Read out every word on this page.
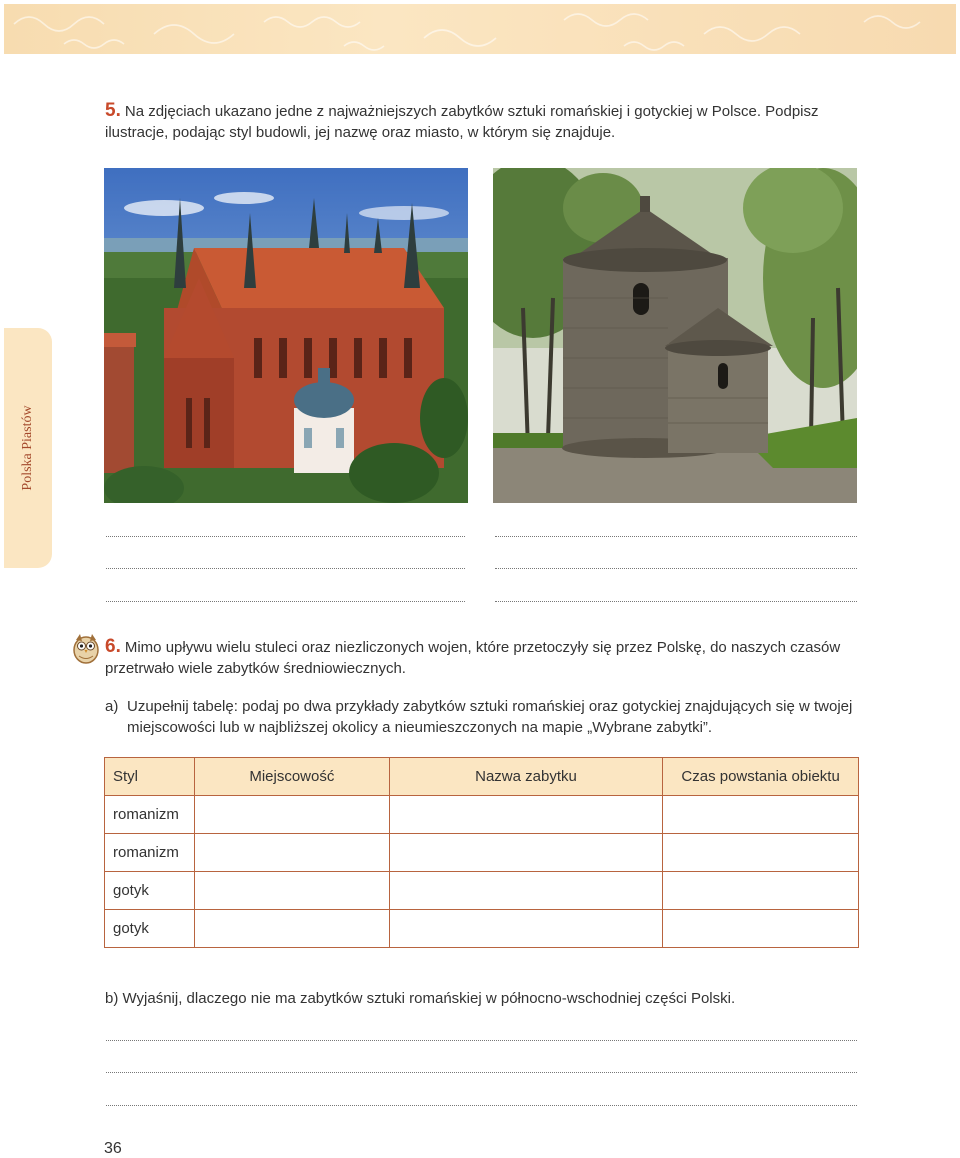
Polska Piastów
5. Na zdjęciach ukazano jedne z najważniejszych zabytków sztuki romańskiej i gotyckiej w Polsce. Podpisz ilustracje, podając styl budowli, jej nazwę oraz miasto, w którym się znajduje.
6. Mimo upływu wielu stuleci oraz niezliczonych wojen, które przetoczyły się przez Polskę, do naszych czasów przetrwało wiele zabytków średniowiecznych.
a) Uzupełnij tabelę: podaj po dwa przykłady zabytków sztuki romańskiej oraz gotyckiej znajdujących się w twojej miejscowości lub w najbliższej okolicy a nieumieszczonych na mapie „Wybrane zabytki”.
Styl	Miejscowość	Nazwa zabytku	Czas powstania obiektu
romanizm			
romanizm			
gotyk			
gotyk			
b) Wyjaśnij, dlaczego nie ma zabytków sztuki romańskiej w północno-wschodniej części Polski.
36
